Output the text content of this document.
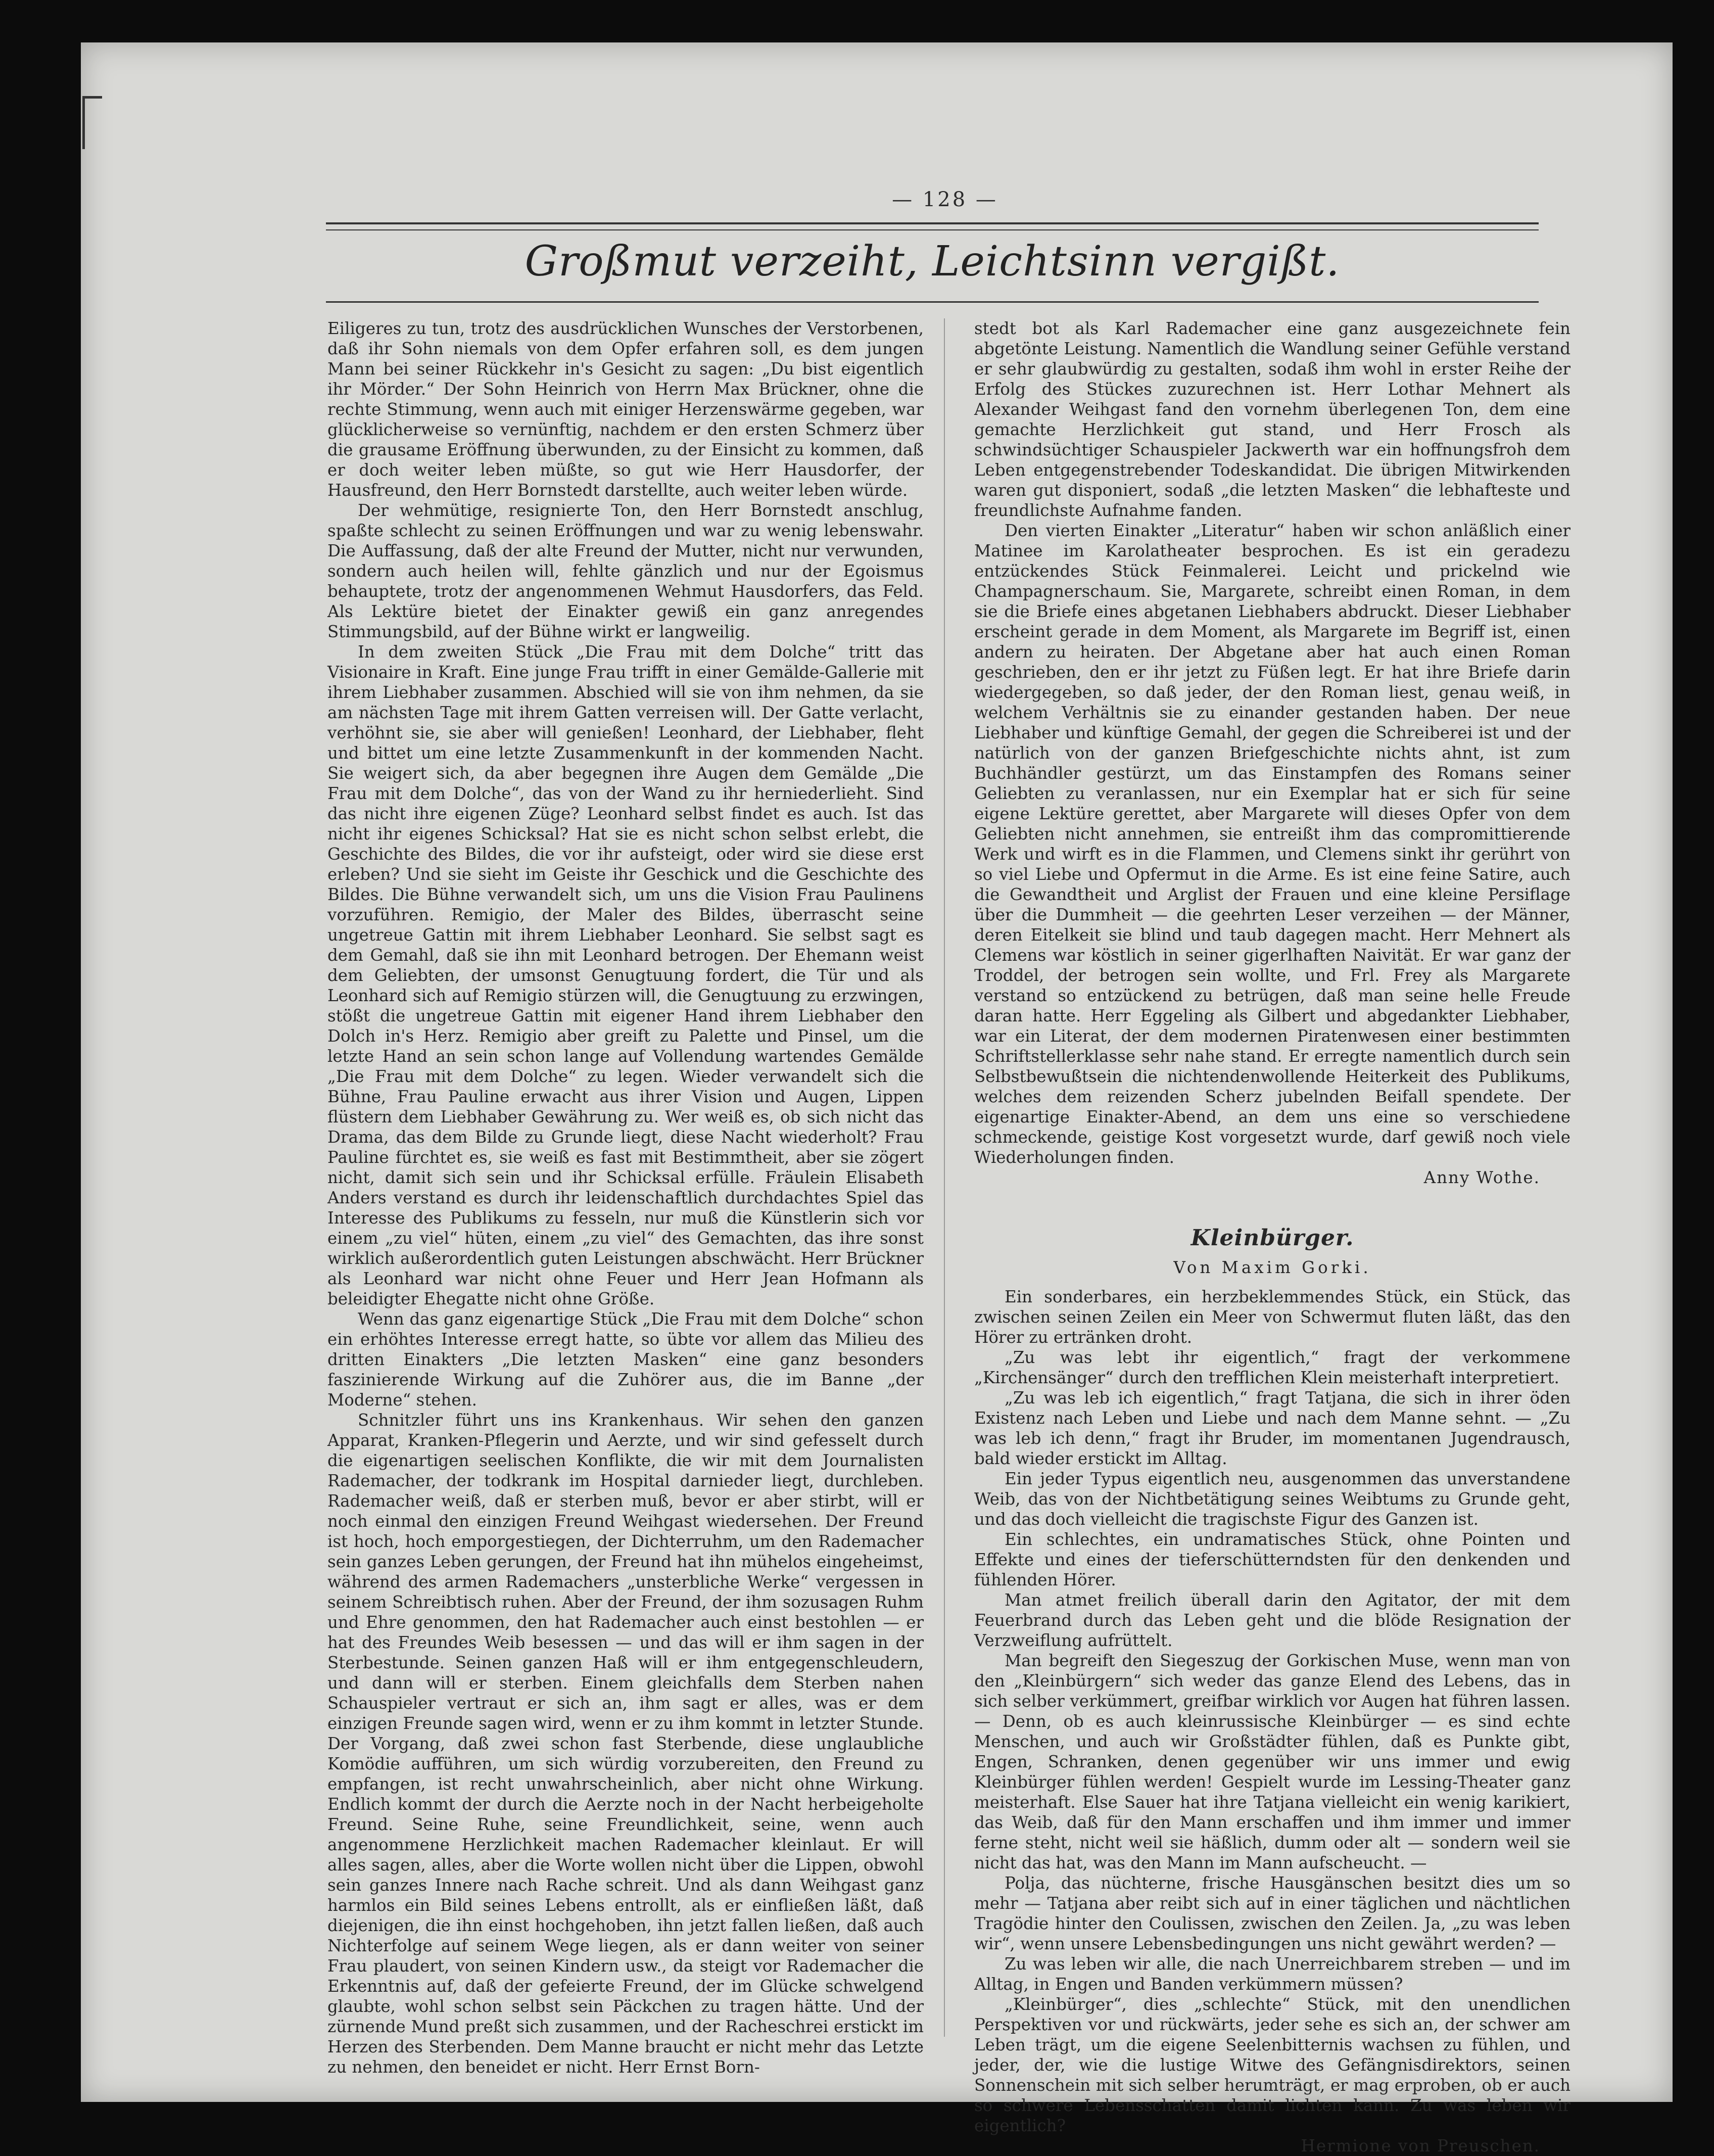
— 128 —
Großmut verzeiht, Leichtsinn vergißt.

Eiligeres zu tun, trotz des ausdrücklichen Wunsches der Verstorbenen, daß ihr Sohn niemals von dem Opfer erfahren soll, es dem jungen Mann bei seiner Rückkehr in's Gesicht zu sagen: „Du bist eigentlich ihr Mörder.“ Der Sohn Heinrich von Herrn Max Brückner, ohne die rechte Stimmung, wenn auch mit einiger Herzenswärme gegeben, war glücklicherweise so vernünftig, nachdem er den ersten Schmerz über die grausame Eröffnung überwunden, zu der Einsicht zu kommen, daß er doch weiter leben müßte, so gut wie Herr Hausdorfer, der Hausfreund, den Herr Bornstedt darstellte, auch weiter leben würde.

Der wehmütige, resignierte Ton, den Herr Bornstedt anschlug, spaßte schlecht zu seinen Eröffnungen und war zu wenig lebenswahr. Die Auffassung, daß der alte Freund der Mutter, nicht nur verwunden, sondern auch heilen will, fehlte gänzlich und nur der Egoismus behauptete, trotz der angenommenen Wehmut Hausdorfers, das Feld. Als Lektüre bietet der Einakter gewiß ein ganz anregendes Stimmungsbild, auf der Bühne wirkt er langweilig.

In dem zweiten Stück „Die Frau mit dem Dolche“ tritt das Visionaire in Kraft. Eine junge Frau trifft in einer Gemälde-Gallerie mit ihrem Liebhaber zusammen. Abschied will sie von ihm nehmen, da sie am nächsten Tage mit ihrem Gatten verreisen will. Der Gatte verlacht, verhöhnt sie, sie aber will genießen! Leonhard, der Liebhaber, fleht und bittet um eine letzte Zusammenkunft in der kommenden Nacht. Sie weigert sich, da aber begegnen ihre Augen dem Gemälde „Die Frau mit dem Dolche“, das von der Wand zu ihr herniederlieht. Sind das nicht ihre eigenen Züge? Leonhard selbst findet es auch. Ist das nicht ihr eigenes Schicksal? Hat sie es nicht schon selbst erlebt, die Geschichte des Bildes, die vor ihr aufsteigt, oder wird sie diese erst erleben? Und sie sieht im Geiste ihr Geschick und die Geschichte des Bildes. Die Bühne verwandelt sich, um uns die Vision Frau Paulinens vorzuführen. Remigio, der Maler des Bildes, überrascht seine ungetreue Gattin mit ihrem Liebhaber Leonhard. Sie selbst sagt es dem Gemahl, daß sie ihn mit Leonhard betrogen. Der Ehemann weist dem Geliebten, der umsonst Genugtuung fordert, die Tür und als Leonhard sich auf Remigio stürzen will, die Genugtuung zu erzwingen, stößt die ungetreue Gattin mit eigener Hand ihrem Liebhaber den Dolch in's Herz. Remigio aber greift zu Palette und Pinsel, um die letzte Hand an sein schon lange auf Vollendung wartendes Gemälde „Die Frau mit dem Dolche“ zu legen. Wieder verwandelt sich die Bühne, Frau Pauline erwacht aus ihrer Vision und Augen, Lippen flüstern dem Liebhaber Gewährung zu. Wer weiß es, ob sich nicht das Drama, das dem Bilde zu Grunde liegt, diese Nacht wiederholt? Frau Pauline fürchtet es, sie weiß es fast mit Bestimmtheit, aber sie zögert nicht, damit sich sein und ihr Schicksal erfülle. Fräulein Elisabeth Anders verstand es durch ihr leidenschaftlich durchdachtes Spiel das Interesse des Publikums zu fesseln, nur muß die Künstlerin sich vor einem „zu viel“ hüten, einem „zu viel“ des Gemachten, das ihre sonst wirklich außerordentlich guten Leistungen abschwächt. Herr Brückner als Leonhard war nicht ohne Feuer und Herr Jean Hofmann als beleidigter Ehegatte nicht ohne Größe.

Wenn das ganz eigenartige Stück „Die Frau mit dem Dolche“ schon ein erhöhtes Interesse erregt hatte, so übte vor allem das Milieu des dritten Einakters „Die letzten Masken“ eine ganz besonders faszinierende Wirkung auf die Zuhörer aus, die im Banne „der Moderne“ stehen.

Schnitzler führt uns ins Krankenhaus. Wir sehen den ganzen Apparat, Kranken-Pflegerin und Aerzte, und wir sind gefesselt durch die eigenartigen seelischen Konflikte, die wir mit dem Journalisten Rademacher, der todkrank im Hospital darnieder liegt, durchleben. Rademacher weiß, daß er sterben muß, bevor er aber stirbt, will er noch einmal den einzigen Freund Weihgast wiedersehen. Der Freund ist hoch, hoch emporgestiegen, der Dichterruhm, um den Rademacher sein ganzes Leben gerungen, der Freund hat ihn mühelos eingeheimst, während des armen Rademachers „unsterbliche Werke“ vergessen in seinem Schreibtisch ruhen. Aber der Freund, der ihm sozusagen Ruhm und Ehre genommen, den hat Rademacher auch einst bestohlen — er hat des Freundes Weib besessen — und das will er ihm sagen in der Sterbestunde. Seinen ganzen Haß will er ihm entgegenschleudern, und dann will er sterben. Einem gleichfalls dem Sterben nahen Schauspieler vertraut er sich an, ihm sagt er alles, was er dem einzigen Freunde sagen wird, wenn er zu ihm kommt in letzter Stunde. Der Vorgang, daß zwei schon fast Sterbende, diese unglaubliche Komödie aufführen, um sich würdig vorzubereiten, den Freund zu empfangen, ist recht unwahrscheinlich, aber nicht ohne Wirkung. Endlich kommt der durch die Aerzte noch in der Nacht herbeigeholte Freund. Seine Ruhe, seine Freundlichkeit, seine, wenn auch angenommene Herzlichkeit machen Rademacher kleinlaut. Er will alles sagen, alles, aber die Worte wollen nicht über die Lippen, obwohl sein ganzes Innere nach Rache schreit. Und als dann Weihgast ganz harmlos ein Bild seines Lebens entrollt, als er einfließen läßt, daß diejenigen, die ihn einst hochgehoben, ihn jetzt fallen ließen, daß auch Nichterfolge auf seinem Wege liegen, als er dann weiter von seiner Frau plaudert, von seinen Kindern usw., da steigt vor Rademacher die Erkenntnis auf, daß der gefeierte Freund, der im Glücke schwelgend glaubte, wohl schon selbst sein Päckchen zu tragen hätte. Und der zürnende Mund preßt sich zusammen, und der Racheschrei erstickt im Herzen des Sterbenden. Dem Manne braucht er nicht mehr das Letzte zu nehmen, den beneidet er nicht. Herr Ernst Born-

stedt bot als Karl Rademacher eine ganz ausgezeichnete fein abgetönte Leistung. Namentlich die Wandlung seiner Gefühle verstand er sehr glaubwürdig zu gestalten, sodaß ihm wohl in erster Reihe der Erfolg des Stückes zuzurechnen ist. Herr Lothar Mehnert als Alexander Weihgast fand den vornehm überlegenen Ton, dem eine gemachte Herzlichkeit gut stand, und Herr Frosch als schwindsüchtiger Schauspieler Jackwerth war ein hoffnungsfroh dem Leben entgegenstrebender Todeskandidat. Die übrigen Mitwirkenden waren gut disponiert, sodaß „die letzten Masken“ die lebhafteste und freundlichste Aufnahme fanden.

Den vierten Einakter „Literatur“ haben wir schon anläßlich einer Matinee im Karolatheater besprochen. Es ist ein geradezu entzückendes Stück Feinmalerei. Leicht und prickelnd wie Champagnerschaum. Sie, Margarete, schreibt einen Roman, in dem sie die Briefe eines abgetanen Liebhabers abdruckt. Dieser Liebhaber erscheint gerade in dem Moment, als Margarete im Begriff ist, einen andern zu heiraten. Der Abgetane aber hat auch einen Roman geschrieben, den er ihr jetzt zu Füßen legt. Er hat ihre Briefe darin wiedergegeben, so daß jeder, der den Roman liest, genau weiß, in welchem Verhältnis sie zu einander gestanden haben. Der neue Liebhaber und künftige Gemahl, der gegen die Schreiberei ist und der natürlich von der ganzen Briefgeschichte nichts ahnt, ist zum Buchhändler gestürzt, um das Einstampfen des Romans seiner Geliebten zu veranlassen, nur ein Exemplar hat er sich für seine eigene Lektüre gerettet, aber Margarete will dieses Opfer von dem Geliebten nicht annehmen, sie entreißt ihm das compromittierende Werk und wirft es in die Flammen, und Clemens sinkt ihr gerührt von so viel Liebe und Opfermut in die Arme. Es ist eine feine Satire, auch die Gewandtheit und Arglist der Frauen und eine kleine Persiflage über die Dummheit — die geehrten Leser verzeihen — der Männer, deren Eitelkeit sie blind und taub dagegen macht. Herr Mehnert als Clemens war köstlich in seiner gigerlhaften Naivität. Er war ganz der Troddel, der betrogen sein wollte, und Frl. Frey als Margarete verstand so entzückend zu betrügen, daß man seine helle Freude daran hatte. Herr Eggeling als Gilbert und abgedankter Liebhaber, war ein Literat, der dem modernen Piratenwesen einer bestimmten Schriftstellerklasse sehr nahe stand. Er erregte namentlich durch sein Selbstbewußtsein die nichtendenwollende Heiterkeit des Publikums, welches dem reizenden Scherz jubelnden Beifall spendete. Der eigenartige Einakter-Abend, an dem uns eine so verschiedene schmeckende, geistige Kost vorgesetzt wurde, darf gewiß noch viele Wiederholungen finden.

Anny Wothe.

Kleinbürger.
Von Maxim Gorki.

Ein sonderbares, ein herzbeklemmendes Stück, ein Stück, das zwischen seinen Zeilen ein Meer von Schwermut fluten läßt, das den Hörer zu ertränken droht.

„Zu was lebt ihr eigentlich,“ fragt der verkommene „Kirchensänger“ durch den trefflichen Klein meisterhaft interpretiert.

„Zu was leb ich eigentlich,“ fragt Tatjana, die sich in ihrer öden Existenz nach Leben und Liebe und nach dem Manne sehnt. — „Zu was leb ich denn,“ fragt ihr Bruder, im momentanen Jugendrausch, bald wieder erstickt im Alltag.

Ein jeder Typus eigentlich neu, ausgenommen das unverstandene Weib, das von der Nichtbetätigung seines Weibtums zu Grunde geht, und das doch vielleicht die tragischste Figur des Ganzen ist.

Ein schlechtes, ein undramatisches Stück, ohne Pointen und Effekte und eines der tieferschütterndsten für den denkenden und fühlenden Hörer.

Man atmet freilich überall darin den Agitator, der mit dem Feuerbrand durch das Leben geht und die blöde Resignation der Verzweiflung aufrüttelt.

Man begreift den Siegeszug der Gorkischen Muse, wenn man von den „Kleinbürgern“ sich weder das ganze Elend des Lebens, das in sich selber verkümmert, greifbar wirklich vor Augen hat führen lassen. — Denn, ob es auch kleinrussische Kleinbürger — es sind echte Menschen, und auch wir Großstädter fühlen, daß es Punkte gibt, Engen, Schranken, denen gegenüber wir uns immer und ewig Kleinbürger fühlen werden! Gespielt wurde im Lessing-Theater ganz meisterhaft. Else Sauer hat ihre Tatjana vielleicht ein wenig karikiert, das Weib, daß für den Mann erschaffen und ihm immer und immer ferne steht, nicht weil sie häßlich, dumm oder alt — sondern weil sie nicht das hat, was den Mann im Mann aufscheucht. —

Polja, das nüchterne, frische Hausgänschen besitzt dies um so mehr — Tatjana aber reibt sich auf in einer täglichen und nächtlichen Tragödie hinter den Coulissen, zwischen den Zeilen. Ja, „zu was leben wir“, wenn unsere Lebensbedingungen uns nicht gewährt werden? —

Zu was leben wir alle, die nach Unerreichbarem streben — und im Alltag, in Engen und Banden verkümmern müssen?

„Kleinbürger“, dies „schlechte“ Stück, mit den unendlichen Perspektiven vor und rückwärts, jeder sehe es sich an, der schwer am Leben trägt, um die eigene Seelenbitternis wachsen zu fühlen, und jeder, der, wie die lustige Witwe des Gefängnisdirektors, seinen Sonnenschein mit sich selber herumträgt, er mag erproben, ob er auch so schwere Lebensschatten damit lichten kann. Zu was leben wir eigentlich?

Hermione von Preuschen.
